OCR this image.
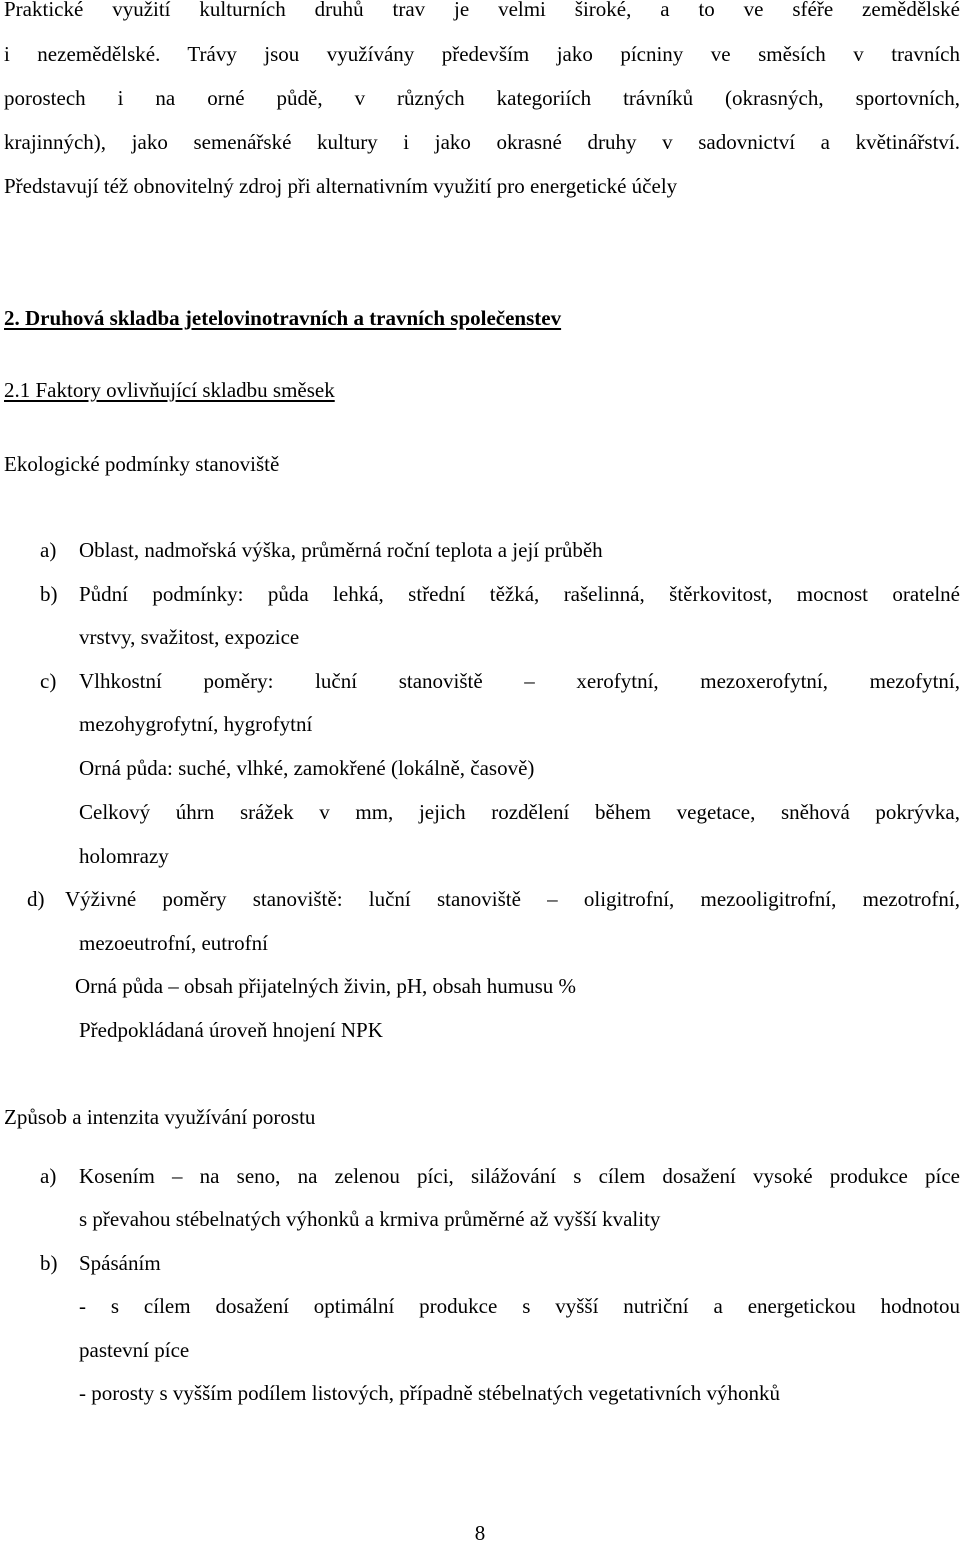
Praktické využití kulturních druhů trav je velmi široké, a to ve sféře zemědělské
i nezemědělské. Trávy jsou využívány především jako pícniny ve směsích v travních
porostech i na orné půdě, v různých kategoriích trávníků (okrasných, sportovních,
krajinných), jako semenářské kultury i jako okrasné druhy v sadovnictví a květinářství.
Představují též obnovitelný zdroj při alternativním využití pro energetické účely
2. Druhová skladba jetelovinotravních a travních společenstev
2.1 Faktory ovlivňující skladbu směsek
Ekologické podmínky stanoviště
a) Oblast, nadmořská výška, průměrná roční teplota a její průběh
b) Půdní podmínky: půda lehká, střední těžká, rašelinná, štěrkovitost, mocnost oratelné
vrstvy, svažitost, expozice
c) Vlhkostní poměry: luční stanoviště – xerofytní, mezoxerofytní, mezofytní,
mezohygrofytní, hygrofytní
Orná půda: suché, vlhké, zamokřené (lokálně, časově)
Celkový úhrn srážek v mm, jejich rozdělení během vegetace, sněhová pokrývka,
holomrazy
d) Výživné poměry stanoviště: luční stanoviště – oligitrofní, mezooligitrofní, mezotrofní,
mezoeutrofní, eutrofní
Orná půda – obsah přijatelných živin, pH, obsah humusu %
Předpokládaná úroveň hnojení NPK
Způsob a intenzita využívání porostu
a) Kosením – na seno, na zelenou píci, silážování s cílem dosažení vysoké produkce píce
s převahou stébelnatých výhonků a krmiva průměrné až vyšší kvality
b) Spásáním
- s cílem dosažení optimální produkce s vyšší nutriční a energetickou hodnotou
pastevní píce
- porosty s vyšším podílem listových, případně stébelnatých vegetativních výhonků
8
